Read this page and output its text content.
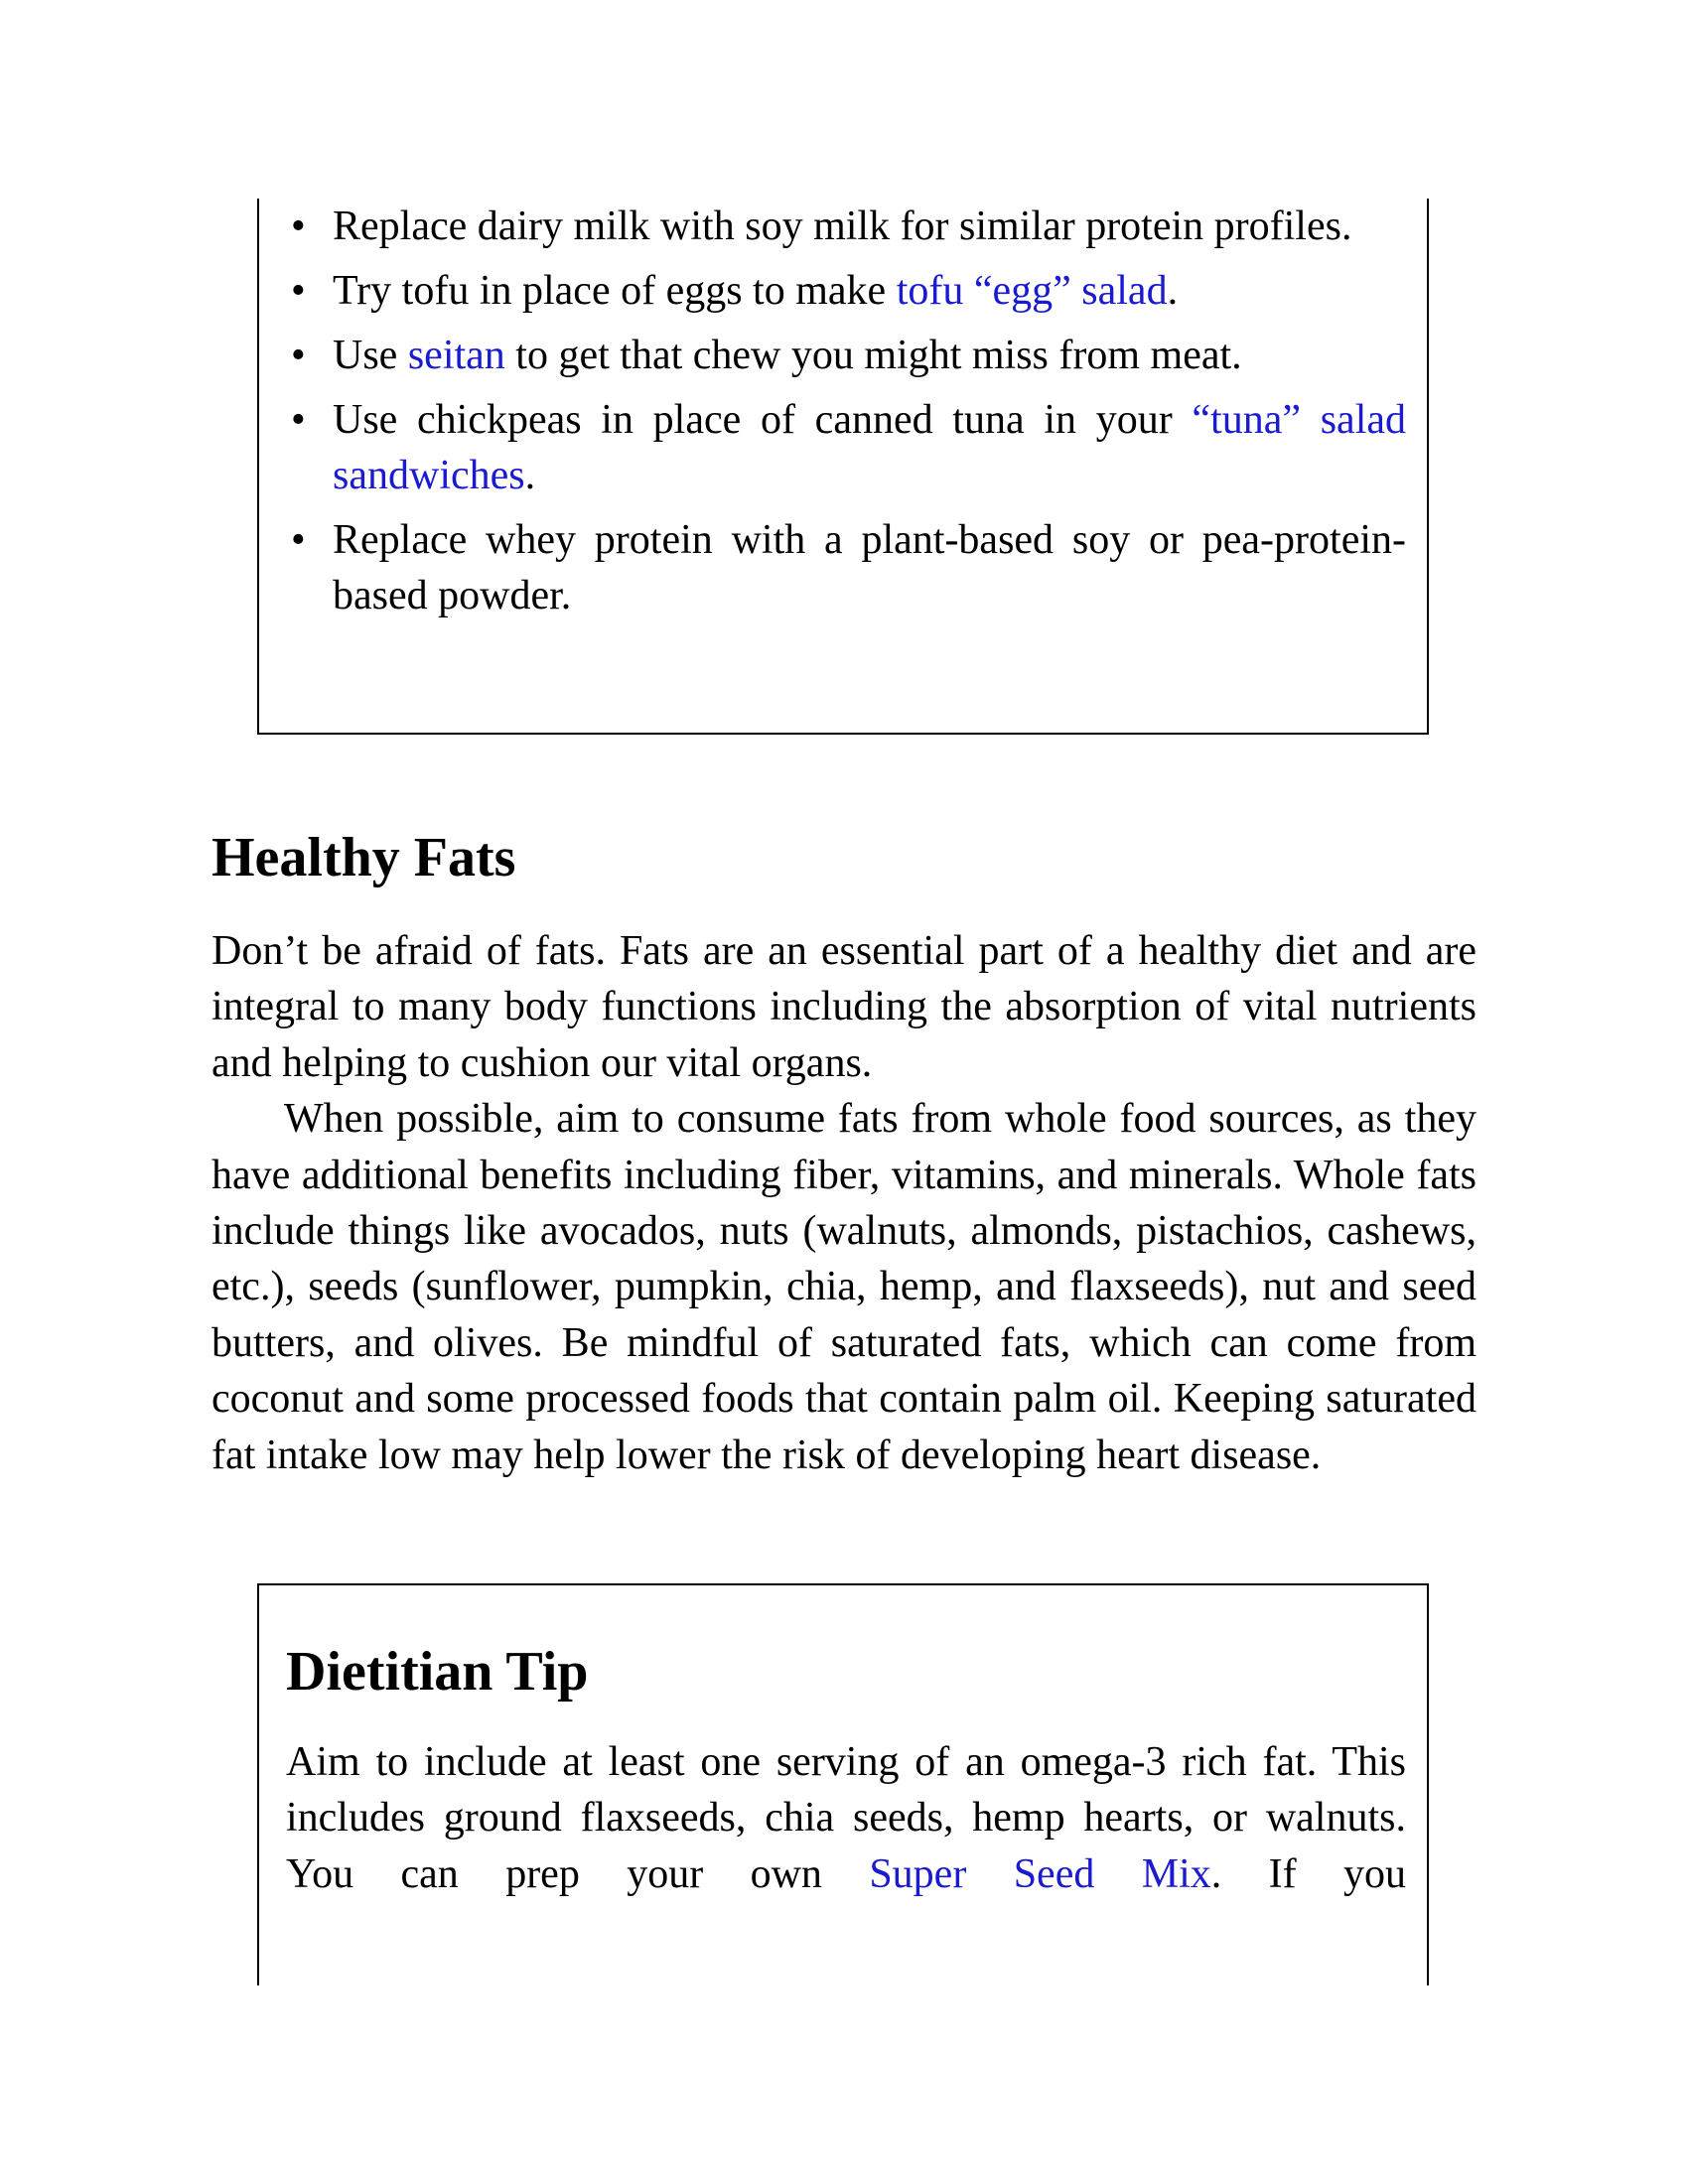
• Replace dairy milk with soy milk for similar protein profiles.
• Try tofu in place of eggs to make tofu “egg” salad.
• Use seitan to get that chew you might miss from meat.
• Use chickpeas in place of canned tuna in your “tuna” salad sandwiches.
• Replace whey protein with a plant-based soy or pea-protein-based powder.
Healthy Fats

Don’t be afraid of fats. Fats are an essential part of a healthy diet and are integral to many body functions including the absorption of vital nutrients and helping to cushion our vital organs.

When possible, aim to consume fats from whole food sources, as they have additional benefits including fiber, vitamins, and minerals. Whole fats include things like avocados, nuts (walnuts, almonds, pistachios, cashews, etc.), seeds (sunflower, pumpkin, chia, hemp, and flaxseeds), nut and seed butters, and olives. Be mindful of saturated fats, which can come from coconut and some processed foods that contain palm oil. Keeping saturated fat intake low may help lower the risk of developing heart disease.

Dietitian Tip

Aim to include at least one serving of an omega-3 rich fat. This includes ground flaxseeds, chia seeds, hemp hearts, or walnuts. You can prep your own Super Seed Mix. If you
